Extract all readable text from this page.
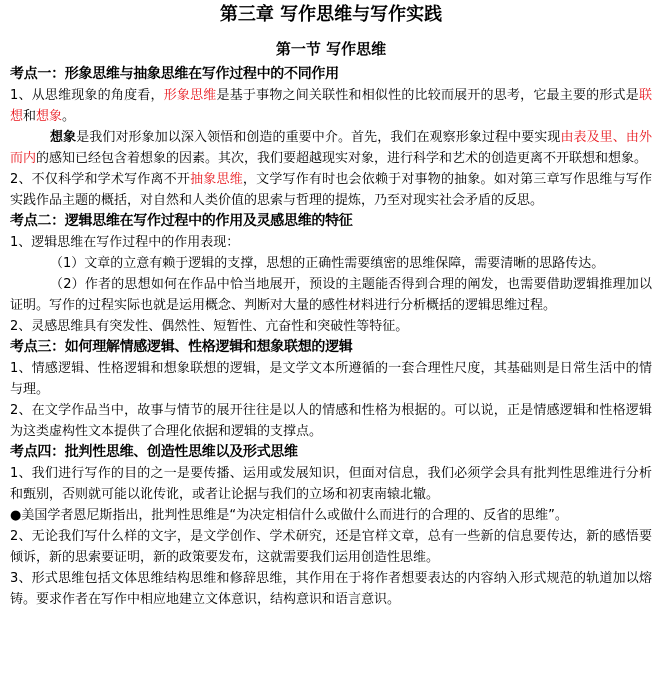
第三章 写作思维与写作实践
第一节 写作思维
考点一：形象思维与抽象思维在写作过程中的不同作用

1、从思维现象的角度看，形象思维是基于事物之间关联性和相似性的比较而展开的思考，它最主要的形式是联想和想象。

想象是我们对形象加以深入领悟和创造的重要中介。首先，我们在观察形象过程中要实现由表及里、由外而内的感知已经包含着想象的因素。其次，我们要超越现实对象，进行科学和艺术的创造更离不开联想和想象。

2、不仅科学和学术写作离不开抽象思维，文学写作有时也会依赖于对事物的抽象。如对第三章写作思维与写作实践作品主题的概括，对自然和人类价值的思索与哲理的提炼，乃至对现实社会矛盾的反思。

考点二：逻辑思维在写作过程中的作用及灵感思维的特征

1、逻辑思维在写作过程中的作用表现：

（1）文章的立意有赖于逻辑的支撑，思想的正确性需要缜密的思维保障，需要清晰的思路传达。

（2）作者的思想如何在作品中恰当地展开，预设的主题能否得到合理的阐发，也需要借助逻辑推理加以证明。写作的过程实际也就是运用概念、判断对大量的感性材料进行分析概括的逻辑思维过程。

2、灵感思维具有突发性、偶然性、短暂性、亢奋性和突破性等特征。

考点三：如何理解情感逻辑、性格逻辑和想象联想的逻辑

1、情感逻辑、性格逻辑和想象联想的逻辑，是文学文本所遵循的一套合理性尺度，其基础则是日常生活中的情与理。

2、在文学作品当中，故事与情节的展开往往是以人的情感和性格为根据的。可以说，正是情感逻辑和性格逻辑为这类虚构性文本提供了合理化依据和逻辑的支撑点。

考点四：批判性思维、创造性思维以及形式思维

1、我们进行写作的目的之一是要传播、运用或发展知识，但面对信息，我们必须学会具有批判性思维进行分析和甄别，否则就可能以讹传讹，或者让论据与我们的立场和初衷南辕北辙。

●美国学者恩尼斯指出，批判性思维是“为决定相信什么或做什么而进行的合理的、反省的思维”。

2、无论我们写什么样的文字，是文学创作、学术研究，还是官样文章，总有一些新的信息要传达，新的感悟要倾诉，新的思索要证明，新的政策要发布，这就需要我们运用创造性思维。

3、形式思维包括文体思维结构思维和修辞思维，其作用在于将作者想要表达的内容纳入形式规范的轨道加以熔铸。要求作者在写作中相应地建立文体意识，结构意识和语言意识。
